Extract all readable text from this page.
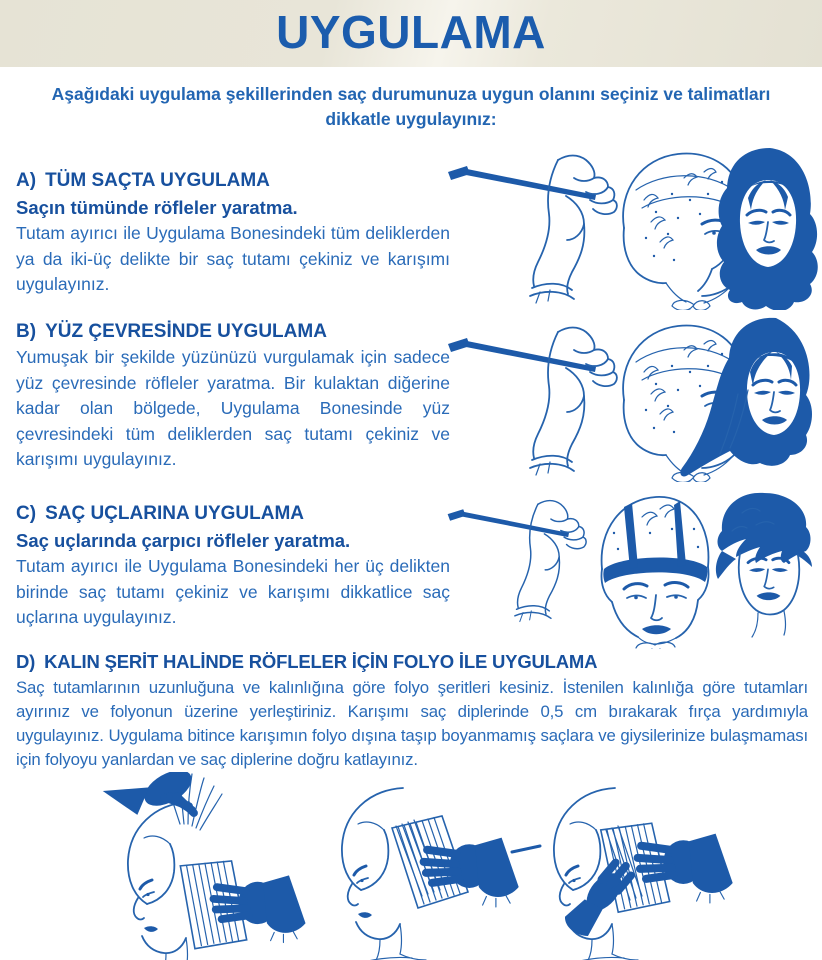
UYGULAMA
Aşağıdaki uygulama şekillerinden saç durumunuza uygun olanını seçiniz ve talimatları dikkatle uygulayınız:
A) TÜM SAÇTA UYGULAMA
Saçın tümünde röfleler yaratma.
Tutam ayırıcı ile Uygulama Bonesindeki tüm deliklerden ya da iki-üç delikte bir saç tutamı çekiniz ve karışımı uygulayınız.
B) YÜZ ÇEVRESİNDE UYGULAMA
Yumuşak bir şekilde yüzünüzü vurgulamak için sadece yüz çevresinde röfleler yaratma. Bir kulaktan diğerine kadar olan bölgede, Uygulama Bonesinde yüz çevresindeki tüm deliklerden saç tutamı çekiniz ve karışımı uygulayınız.
C) SAÇ UÇLARINA UYGULAMA
Saç uçlarında çarpıcı röfleler yaratma.
Tutam ayırıcı ile Uygulama Bonesindeki her üç delikten birinde saç tutamı çekiniz ve karışımı dikkatlice saç uçlarına uygulayınız.
D) KALIN ŞERİT HALİNDE RÖFLELER İÇİN FOLYO İLE UYGULAMA
Saç tutamlarının uzunluğuna ve kalınlığına göre folyo şeritleri kesiniz. İstenilen kalınlığa göre tutamları ayırınız ve folyonun üzerine yerleştiriniz. Karışımı saç diplerinde 0,5 cm bırakarak fırça yardımıyla uygulayınız. Uygulama bitince karışımın folyo dışına taşıp boyanmamış saçlara ve giysilerinize bulaşmaması için folyoyu yanlardan ve saç diplerine doğru katlayınız.
